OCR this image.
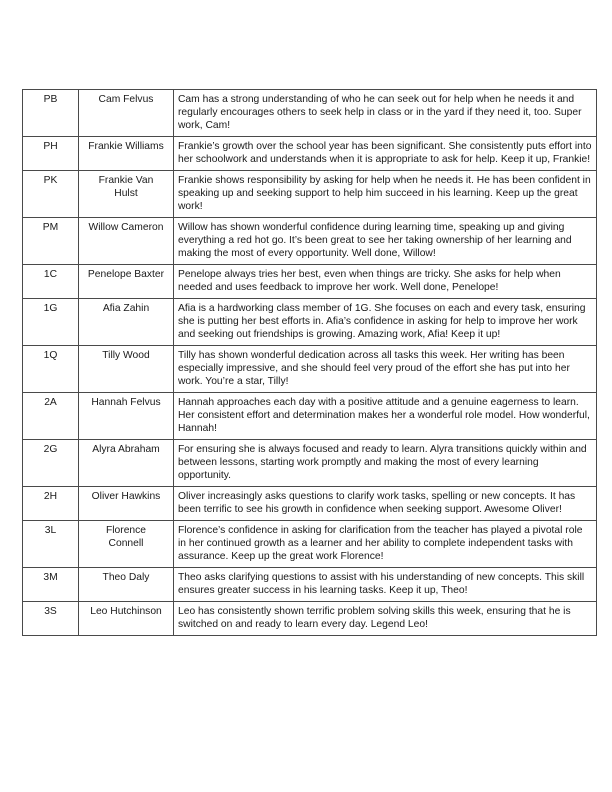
PB	Cam Felvus	Cam has a strong understanding of who he can seek out for help when he needs it and regularly encourages others to seek help in class or in the yard if they need it, too. Super work, Cam!
PH	Frankie Williams	Frankie’s growth over the school year has been significant. She consistently puts effort into her schoolwork and understands when it is appropriate to ask for help. Keep it up, Frankie!
PK	Frankie Van Hulst	Frankie shows responsibility by asking for help when he needs it. He has been confident in speaking up and seeking support to help him succeed in his learning. Keep up the great work!
PM	Willow Cameron	Willow has shown wonderful confidence during learning time, speaking up and giving everything a red hot go. It’s been great to see her taking ownership of her learning and making the most of every opportunity. Well done, Willow!
1C	Penelope Baxter	Penelope always tries her best, even when things are tricky. She asks for help when needed and uses feedback to improve her work. Well done, Penelope!
1G	Afia Zahin	Afia is a hardworking class member of 1G. She focuses on each and every task, ensuring she is putting her best efforts in. Afia’s confidence in asking for help to improve her work and seeking out friendships is growing. Amazing work, Afia! Keep it up!
1Q	Tilly Wood	Tilly has shown wonderful dedication across all tasks this week. Her writing has been especially impressive, and she should feel very proud of the effort she has put into her work. You’re a star, Tilly!
2A	Hannah Felvus	Hannah approaches each day with a positive attitude and a genuine eagerness to learn. Her consistent effort and determination makes her a wonderful role model. How wonderful, Hannah!
2G	Alyra Abraham	For ensuring she is always focused and ready to learn. Alyra transitions quickly within and between lessons, starting work promptly and making the most of every learning opportunity.
2H	Oliver Hawkins	Oliver increasingly asks questions to clarify work tasks, spelling or new concepts. It has been terrific to see his growth in confidence when seeking support. Awesome Oliver!
3L	Florence Connell	Florence’s confidence in asking for clarification from the teacher has played a pivotal role in her continued growth as a learner and her ability to complete independent tasks with assurance. Keep up the great work Florence!
3M	Theo Daly	Theo asks clarifying questions to assist with his understanding of new concepts. This skill ensures greater success in his learning tasks. Keep it up, Theo!
3S	Leo Hutchinson	Leo has consistently shown terrific problem solving skills this week, ensuring that he is switched on and ready to learn every day. Legend Leo!
